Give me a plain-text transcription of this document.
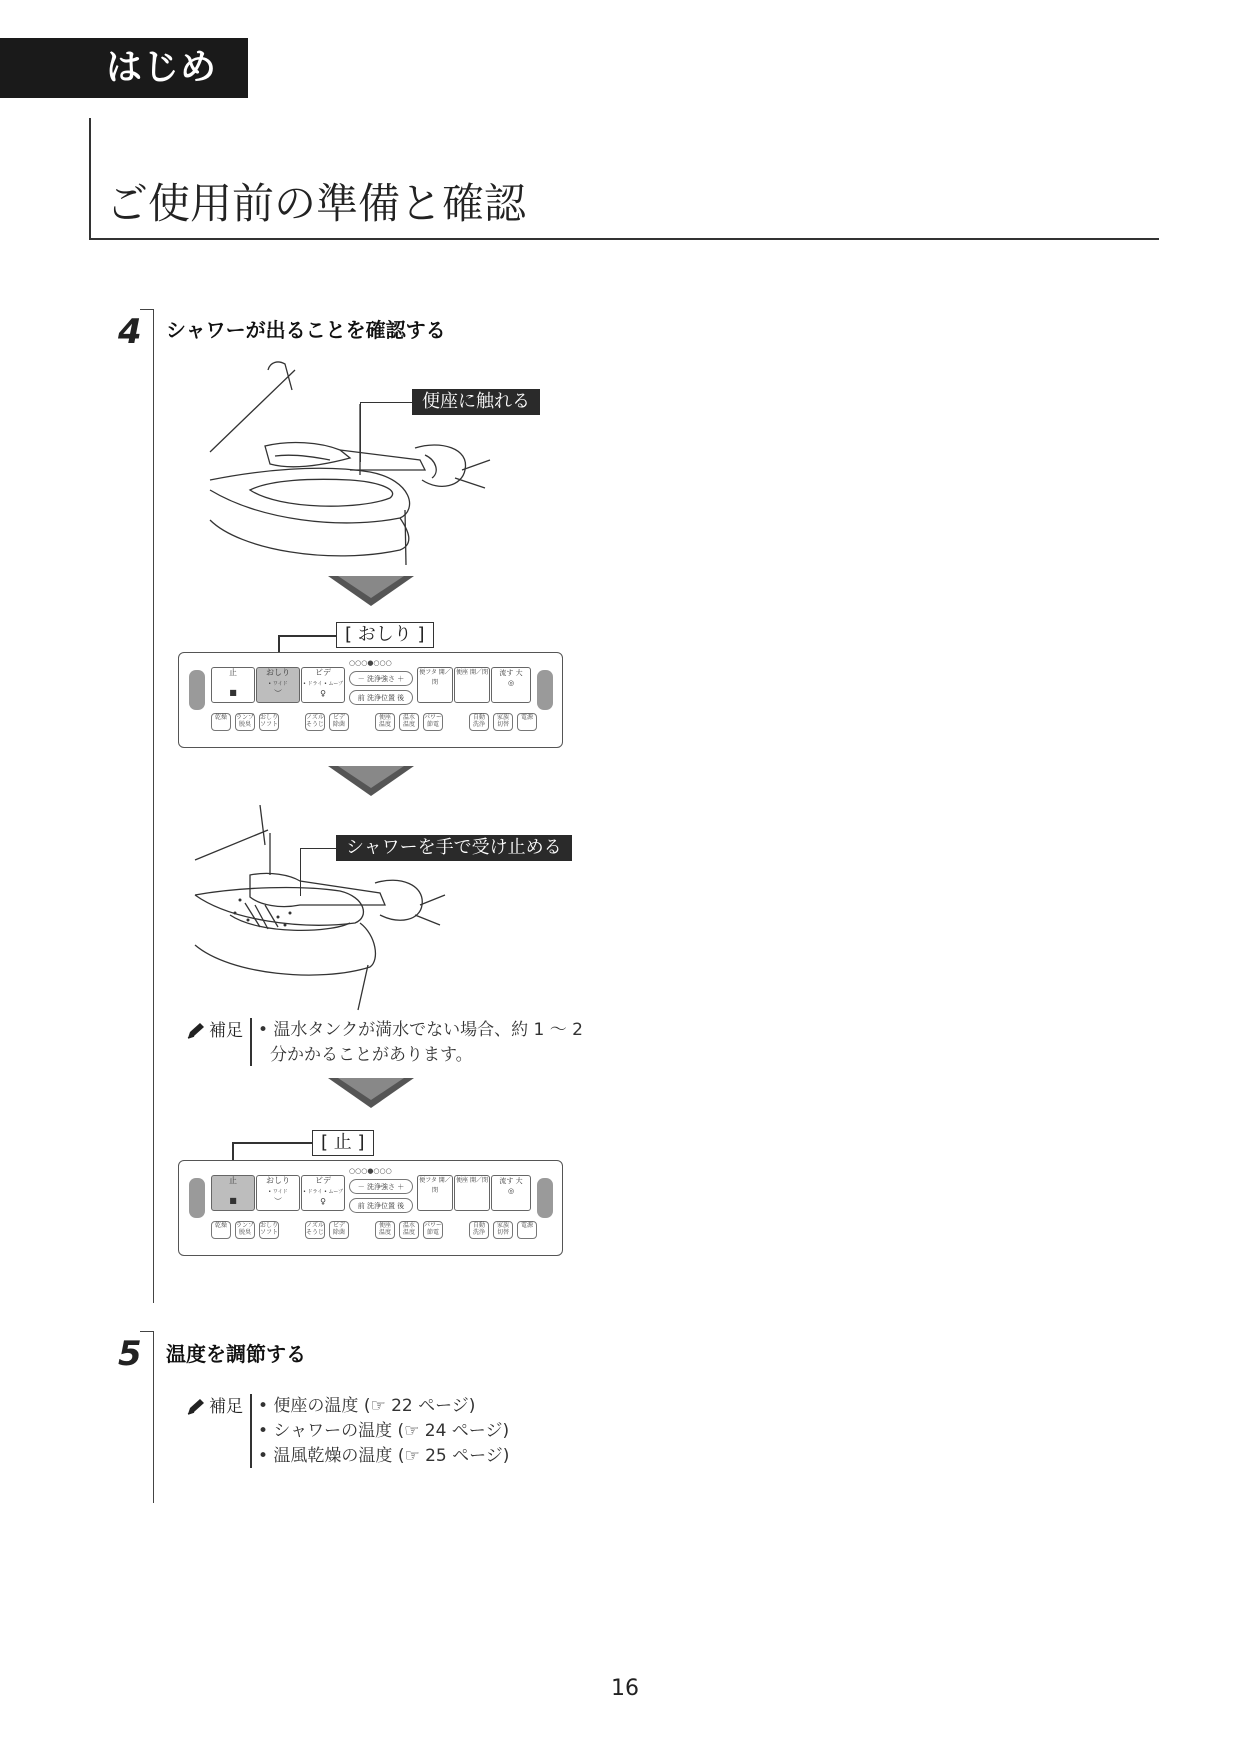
はじめに
ご使用前の準備と確認
4 シャワーが出ることを確認する
便座に触れる
[ おしり ]
止

■
おしり
• ワイド
︶
ビデ
• ドライ • ムーブ
♀
○○○●○○○
－ 洗浄強さ ＋
前 洗浄位置 後
便フタ 開／閉
便座 開／閉	流す 大
◎
乾燥	ランプ 脱臭
おしり ソフト
ノズル そうじ
ビデ 除菌
便座 温度
温水 温度
パワー 節電
自動 洗浄
家族 切替
電源
シャワーを手で受け止める
補足 • 温水タンクが満水でない場合、約 1 〜 2
分かかることがあります。
[ 止 ]
止

■
おしり
• ワイド
︶
ビデ
• ドライ • ムーブ
♀
○○○●○○○
－ 洗浄強さ ＋
前 洗浄位置 後
便フタ 開／閉
便座 開／閉	流す 大
◎
乾燥	ランプ 脱臭
おしり ソフト
ノズル そうじ
ビデ 除菌
便座 温度
温水 温度
パワー 節電
自動 洗浄
家族 切替
電源
5 温度を調節する
補足 • 便座の温度 (☞ 22 ページ)
• シャワーの温度 (☞ 24 ページ)
• 温風乾燥の温度 (☞ 25 ページ)
16
